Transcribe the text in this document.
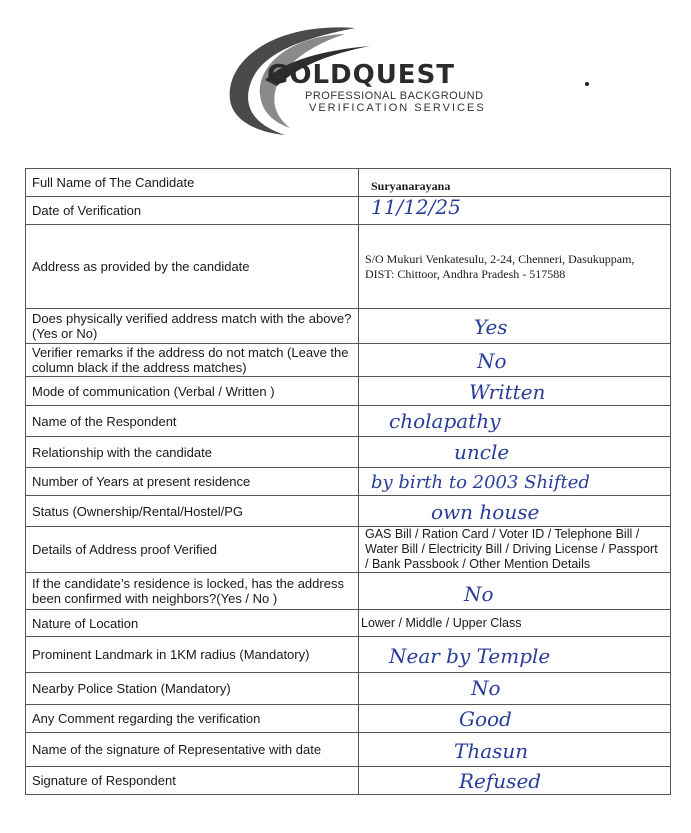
GOLDQUEST
PROFESSIONAL BACKGROUND
VERIFICATION SERVICES
Full Name of The Candidate	Suryanarayana

Date of Verification	11/12/25

Address as provided by the candidate	S/O Mukuri Venkatesulu, 2-24, Chenneri, Dasukuppam, DIST: Chittoor, Andhra Pradesh - 517588

Does physically verified address match with the above? (Yes or No)	Yes

Verifier remarks if the address do not match (Leave the column black if the address matches)	No

Mode of communication (Verbal / Written )	Written

Name of the Respondent	cholapathy

Relationship with the candidate	uncle

Number of Years at present residence	by birth to 2003 Shifted

Status (Ownership/Rental/Hostel/PG	own house

Details of Address proof Verified	GAS Bill / Ration Card / Voter ID / Telephone Bill / Water Bill / Electricity Bill / Driving License / Passport / Bank Passbook / Other Mention Details

If the candidate’s residence is locked, has the address been confirmed with neighbors?(Yes / No )	No

Nature of Location	Lower / Middle / Upper Class

Prominent Landmark in 1KM radius (Mandatory)	Near by Temple

Nearby Police Station (Mandatory)	No

Any Comment regarding the verification	Good

Name of the signature of Representative with date	Thasun

Signature of Respondent	Refused
